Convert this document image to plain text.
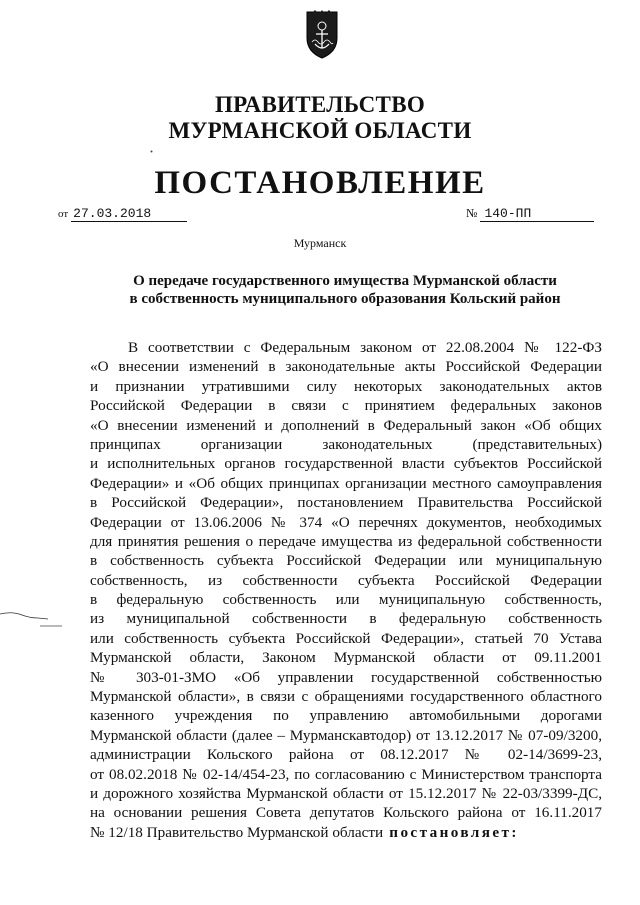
ПРАВИТЕЛЬСТВО
МУРМАНСКОЙ ОБЛАСТИ
ПОСТАНОВЛЕНИЕ
от 27.03.2018	№ 140-ПП
Мурманск
О передаче государственного имущества Мурманской области
в собственность муниципального образования Кольский район
В соответствии с Федеральным законом от 22.08.2004 № 122-ФЗ
«О внесении изменений в законодательные акты Российской Федерации
и признании утратившими силу некоторых законодательных актов
Российской Федерации в связи с принятием федеральных законов
«О внесении изменений и дополнений в Федеральный закон «Об общих
принципах организации законодательных (представительных)
и исполнительных органов государственной власти субъектов Российской
Федерации» и «Об общих принципах организации местного самоуправления
в Российской Федерации», постановлением Правительства Российской
Федерации от 13.06.2006 № 374 «О перечнях документов, необходимых
для принятия решения о передаче имущества из федеральной собственности
в собственность субъекта Российской Федерации или муниципальную
собственность, из собственности субъекта Российской Федерации
в федеральную собственность или муниципальную собственность,
из муниципальной собственности в федеральную собственность
или собственность субъекта Российской Федерации», статьей 70 Устава
Мурманской области, Законом Мурманской области от 09.11.2001
№ 303-01-ЗМО «Об управлении государственной собственностью
Мурманской области», в связи с обращениями государственного областного
казенного учреждения по управлению автомобильными дорогами
Мурманской области (далее – Мурманскавтодор) от 13.12.2017 № 07-09/3200,
администрации Кольского района от 08.12.2017 № 02-14/3699-23,
от 08.02.2018 № 02-14/454-23, по согласованию с Министерством транспорта
и дорожного хозяйства Мурманской области от 15.12.2017 № 22-03/3399-ДС,
на основании решения Совета депутатов Кольского района от 16.11.2017
№ 12/18 Правительство Мурманской области постановляет:
